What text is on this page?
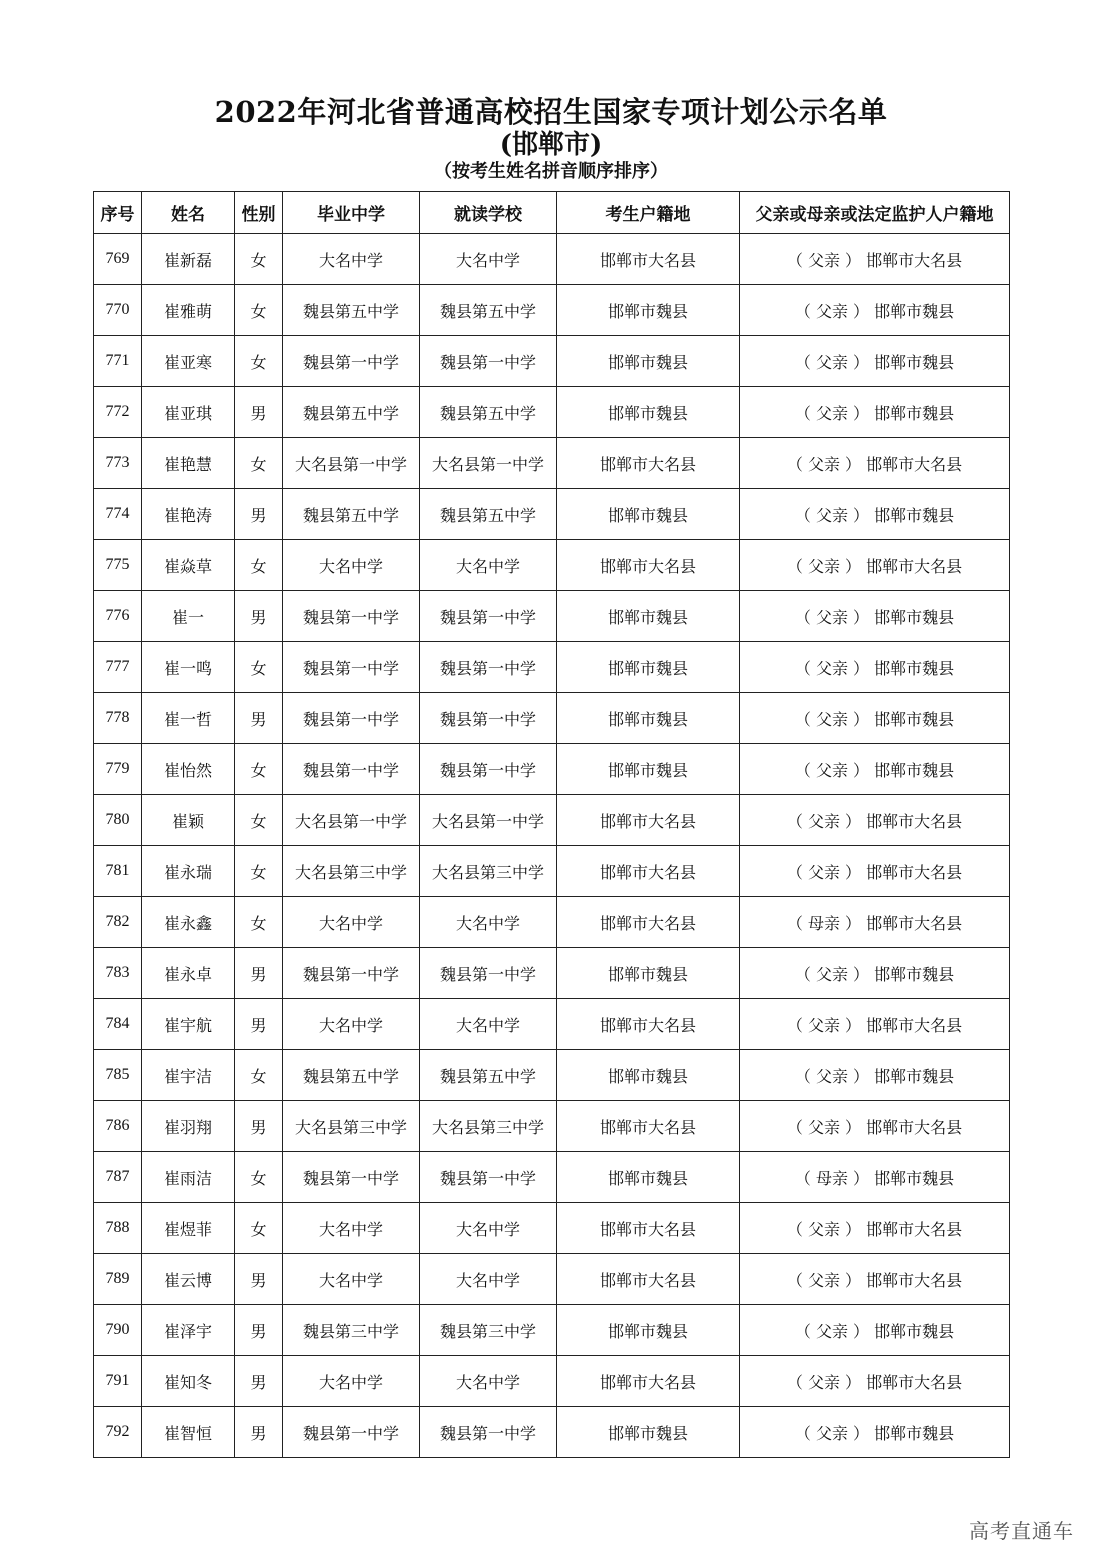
2022年河北省普通高校招生国家专项计划公示名单
(邯郸市)
（按考生姓名拼音顺序排序）
序号	姓名	性别	毕业中学	就读学校	考生户籍地	父亲或母亲或法定监护人户籍地
769	崔新磊	女	大名中学	大名中学	邯郸市大名县	（ 父亲 ） 邯郸市大名县
770	崔雅萌	女	魏县第五中学	魏县第五中学	邯郸市魏县	（ 父亲 ） 邯郸市魏县
771	崔亚寒	女	魏县第一中学	魏县第一中学	邯郸市魏县	（ 父亲 ） 邯郸市魏县
772	崔亚琪	男	魏县第五中学	魏县第五中学	邯郸市魏县	（ 父亲 ） 邯郸市魏县
773	崔艳慧	女	大名县第一中学	大名县第一中学	邯郸市大名县	（ 父亲 ） 邯郸市大名县
774	崔艳涛	男	魏县第五中学	魏县第五中学	邯郸市魏县	（ 父亲 ） 邯郸市魏县
775	崔焱草	女	大名中学	大名中学	邯郸市大名县	（ 父亲 ） 邯郸市大名县
776	崔一	男	魏县第一中学	魏县第一中学	邯郸市魏县	（ 父亲 ） 邯郸市魏县
777	崔一鸣	女	魏县第一中学	魏县第一中学	邯郸市魏县	（ 父亲 ） 邯郸市魏县
778	崔一哲	男	魏县第一中学	魏县第一中学	邯郸市魏县	（ 父亲 ） 邯郸市魏县
779	崔怡然	女	魏县第一中学	魏县第一中学	邯郸市魏县	（ 父亲 ） 邯郸市魏县
780	崔颖	女	大名县第一中学	大名县第一中学	邯郸市大名县	（ 父亲 ） 邯郸市大名县
781	崔永瑞	女	大名县第三中学	大名县第三中学	邯郸市大名县	（ 父亲 ） 邯郸市大名县
782	崔永鑫	女	大名中学	大名中学	邯郸市大名县	（ 母亲 ） 邯郸市大名县
783	崔永卓	男	魏县第一中学	魏县第一中学	邯郸市魏县	（ 父亲 ） 邯郸市魏县
784	崔宇航	男	大名中学	大名中学	邯郸市大名县	（ 父亲 ） 邯郸市大名县
785	崔宇洁	女	魏县第五中学	魏县第五中学	邯郸市魏县	（ 父亲 ） 邯郸市魏县
786	崔羽翔	男	大名县第三中学	大名县第三中学	邯郸市大名县	（ 父亲 ） 邯郸市大名县
787	崔雨洁	女	魏县第一中学	魏县第一中学	邯郸市魏县	（ 母亲 ） 邯郸市魏县
788	崔煜菲	女	大名中学	大名中学	邯郸市大名县	（ 父亲 ） 邯郸市大名县
789	崔云博	男	大名中学	大名中学	邯郸市大名县	（ 父亲 ） 邯郸市大名县
790	崔泽宇	男	魏县第三中学	魏县第三中学	邯郸市魏县	（ 父亲 ） 邯郸市魏县
791	崔知冬	男	大名中学	大名中学	邯郸市大名县	（ 父亲 ） 邯郸市大名县
792	崔智恒	男	魏县第一中学	魏县第一中学	邯郸市魏县	（ 父亲 ） 邯郸市魏县
高考直通车
